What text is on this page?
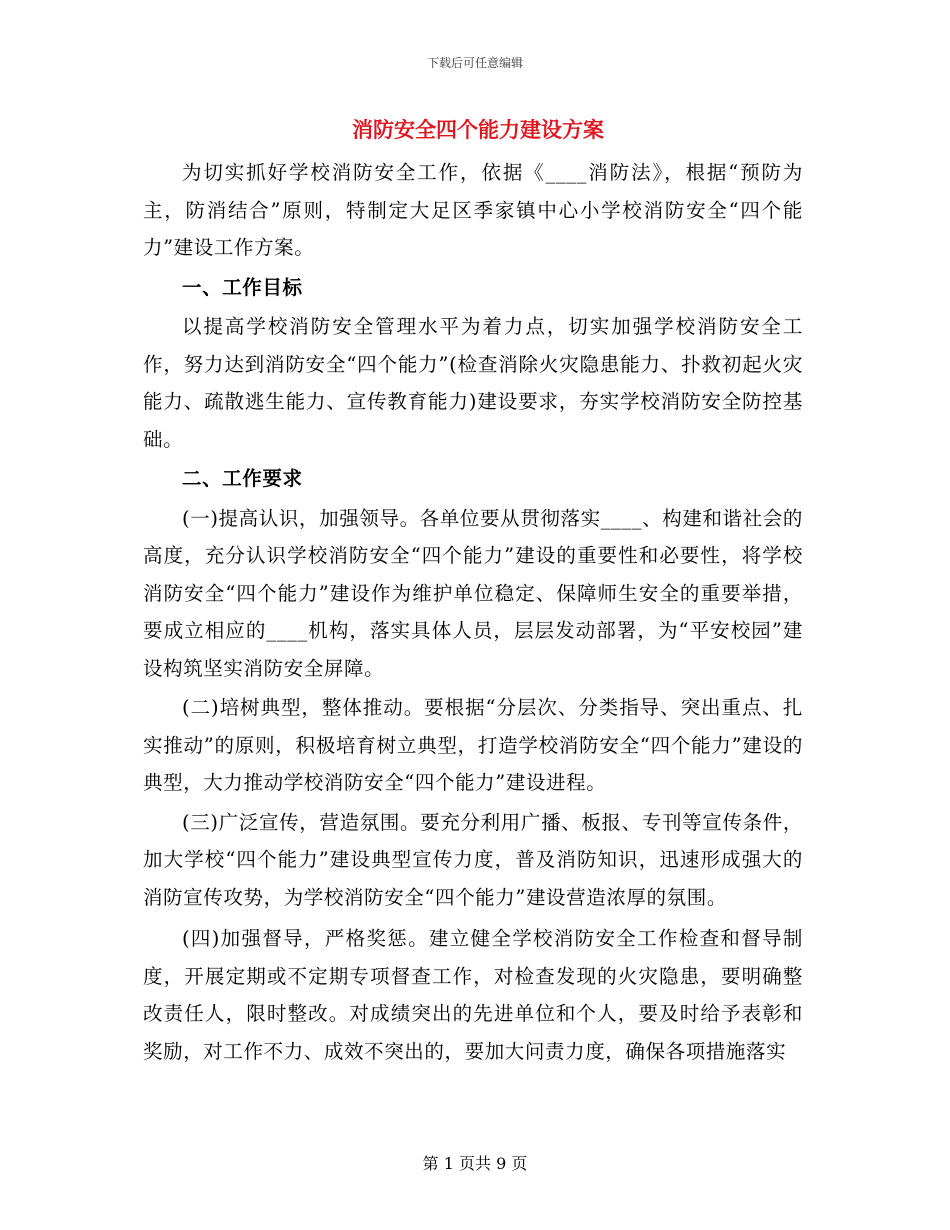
下载后可任意编辑
消防安全四个能力建设方案

为切实抓好学校消防安全工作，依据《____消防法》，根据“预防为主，防消结合”原则，特制定大足区季家镇中心小学校消防安全“四个能力”建设工作方案。

一、工作目标

以提高学校消防安全管理水平为着力点，切实加强学校消防安全工作，努力达到消防安全“四个能力”(检查消除火灾隐患能力、扑救初起火灾能力、疏散逃生能力、宣传教育能力)建设要求，夯实学校消防安全防控基础。

二、工作要求

(一)提高认识，加强领导。各单位要从贯彻落实____、构建和谐社会的高度，充分认识学校消防安全“四个能力”建设的重要性和必要性，将学校消防安全“四个能力”建设作为维护单位稳定、保障师生安全的重要举措，要成立相应的____机构，落实具体人员，层层发动部署，为“平安校园”建设构筑坚实消防安全屏障。

(二)培树典型，整体推动。要根据“分层次、分类指导、突出重点、扎实推动”的原则，积极培育树立典型，打造学校消防安全“四个能力”建设的典型，大力推动学校消防安全“四个能力”建设进程。

(三)广泛宣传，营造氛围。要充分利用广播、板报、专刊等宣传条件，加大学校“四个能力”建设典型宣传力度，普及消防知识，迅速形成强大的消防宣传攻势，为学校消防安全“四个能力”建设营造浓厚的氛围。

(四)加强督导，严格奖惩。建立健全学校消防安全工作检查和督导制度，开展定期或不定期专项督查工作，对检查发现的火灾隐患，要明确整改责任人，限时整改。对成绩突出的先进单位和个人，要及时给予表彰和奖励，对工作不力、成效不突出的，要加大问责力度，确保各项措施落实

第 1 页共 9 页
